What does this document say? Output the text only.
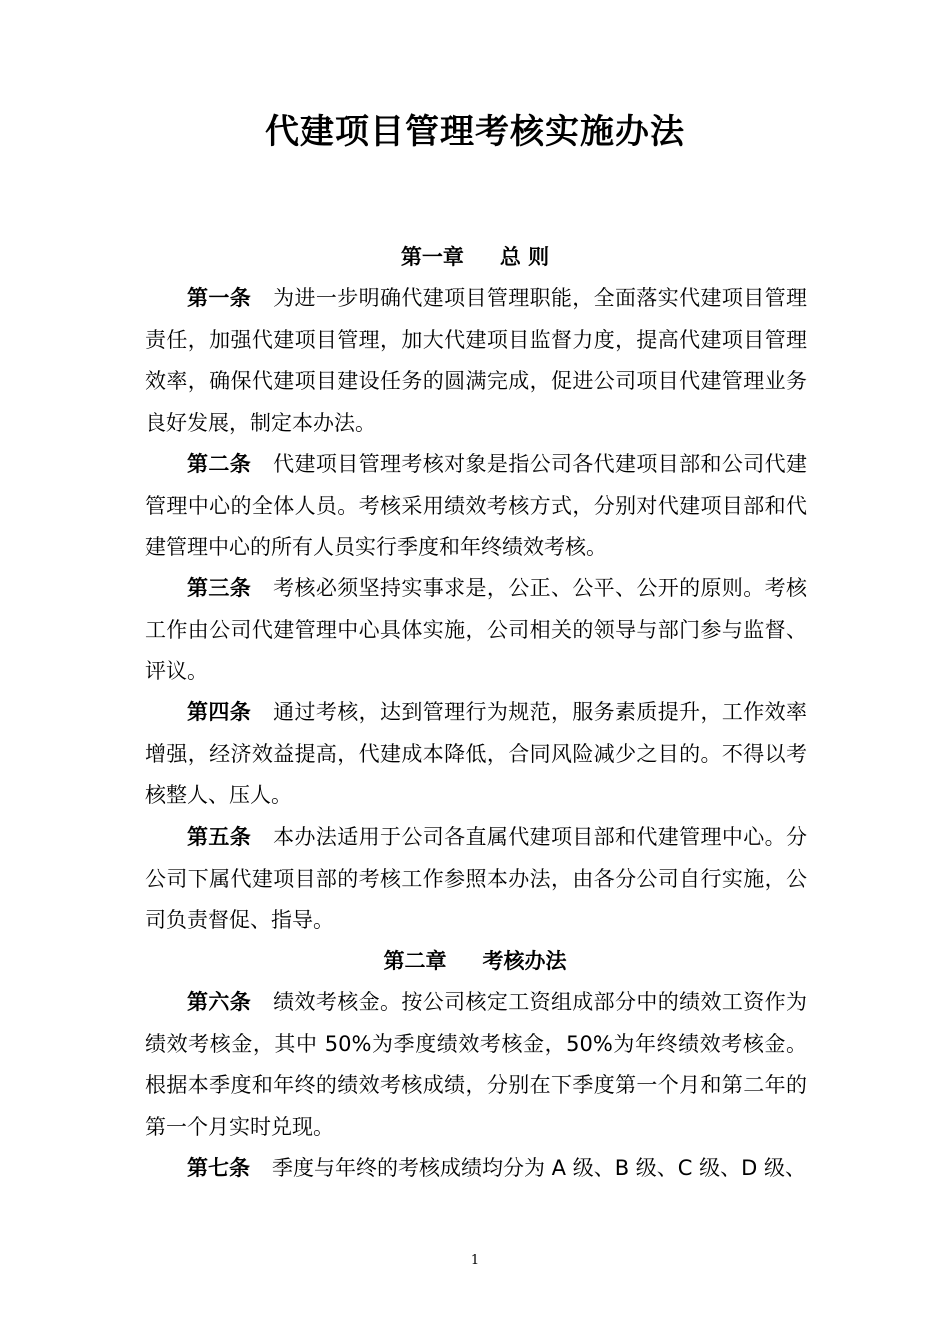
代建项目管理考核实施办法
第一章 总 则
第一条 为进一步明确代建项目管理职能，全面落实代建项目管理责任，加强代建项目管理，加大代建项目监督力度，提高代建项目管理效率，确保代建项目建设任务的圆满完成，促进公司项目代建管理业务良好发展，制定本办法。
第二条 代建项目管理考核对象是指公司各代建项目部和公司代建管理中心的全体人员。考核采用绩效考核方式，分别对代建项目部和代建管理中心的所有人员实行季度和年终绩效考核。
第三条 考核必须坚持实事求是，公正、公平、公开的原则。考核工作由公司代建管理中心具体实施，公司相关的领导与部门参与监督、评议。
第四条 通过考核，达到管理行为规范，服务素质提升，工作效率增强，经济效益提高，代建成本降低，合同风险减少之目的。不得以考核整人、压人。
第五条 本办法适用于公司各直属代建项目部和代建管理中心。分公司下属代建项目部的考核工作参照本办法，由各分公司自行实施，公司负责督促、指导。
第二章 考核办法
第六条 绩效考核金。按公司核定工资组成部分中的绩效工资作为绩效考核金，其中 50%为季度绩效考核金，50%为年终绩效考核金。根据本季度和年终的绩效考核成绩，分别在下季度第一个月和第二年的第一个月实时兑现。
第七条 季度与年终的考核成绩均分为 A 级、B 级、C 级、D 级、
1
